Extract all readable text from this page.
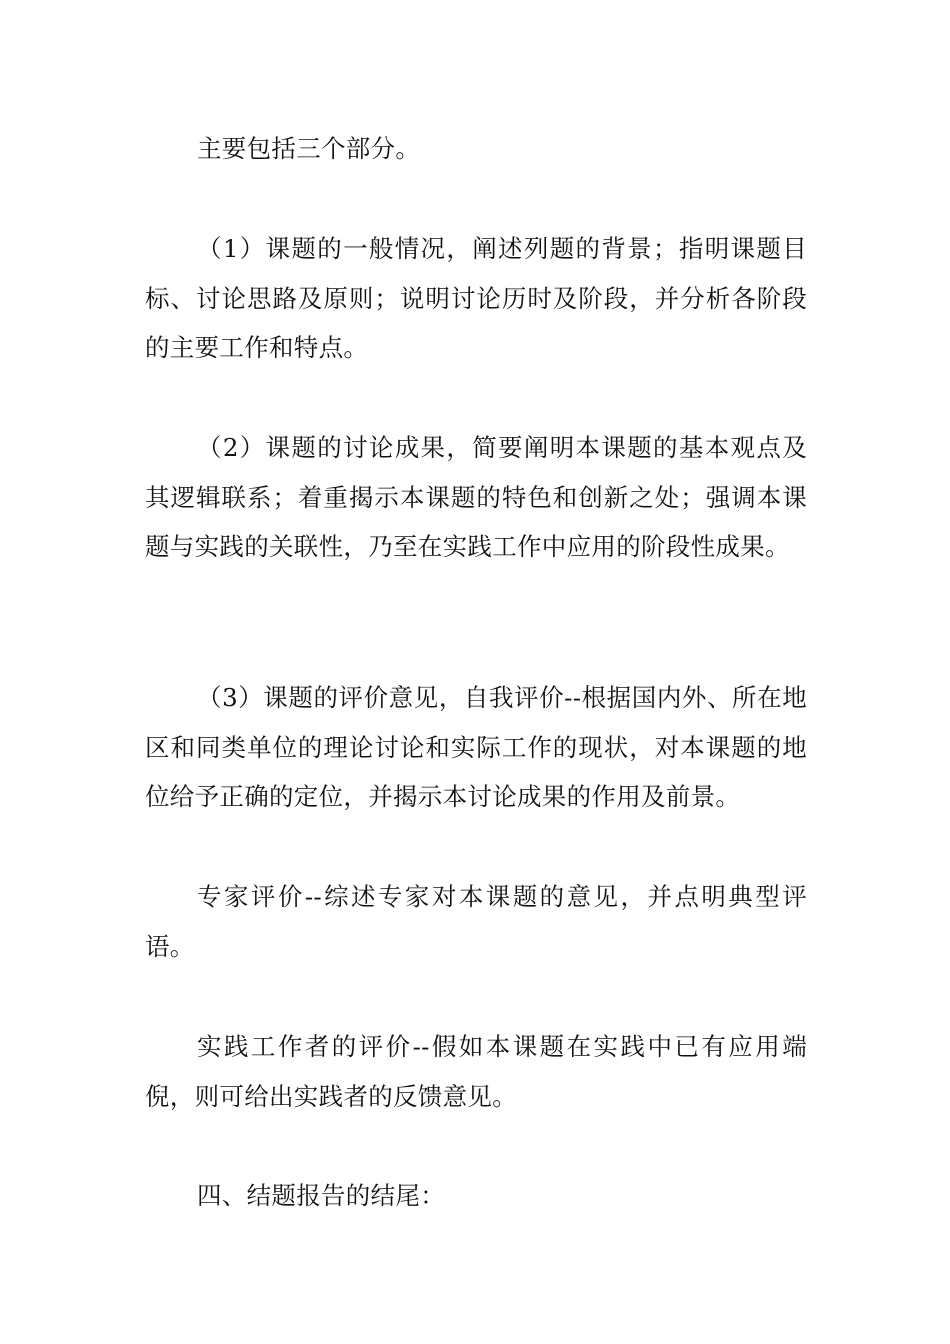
主要包括三个部分。

（1）课题的一般情况，阐述列题的背景；指明课题目标、讨论思路及原则；说明讨论历时及阶段，并分析各阶段的主要工作和特点。

（2）课题的讨论成果，简要阐明本课题的基本观点及其逻辑联系；着重揭示本课题的特色和创新之处；强调本课题与实践的关联性，乃至在实践工作中应用的阶段性成果。

（3）课题的评价意见，自我评价--根据国内外、所在地区和同类单位的理论讨论和实际工作的现状，对本课题的地位给予正确的定位，并揭示本讨论成果的作用及前景。

专家评价--综述专家对本课题的意见，并点明典型评语。

实践工作者的评价--假如本课题在实践中已有应用端倪，则可给出实践者的反馈意见。

四、结题报告的结尾：
